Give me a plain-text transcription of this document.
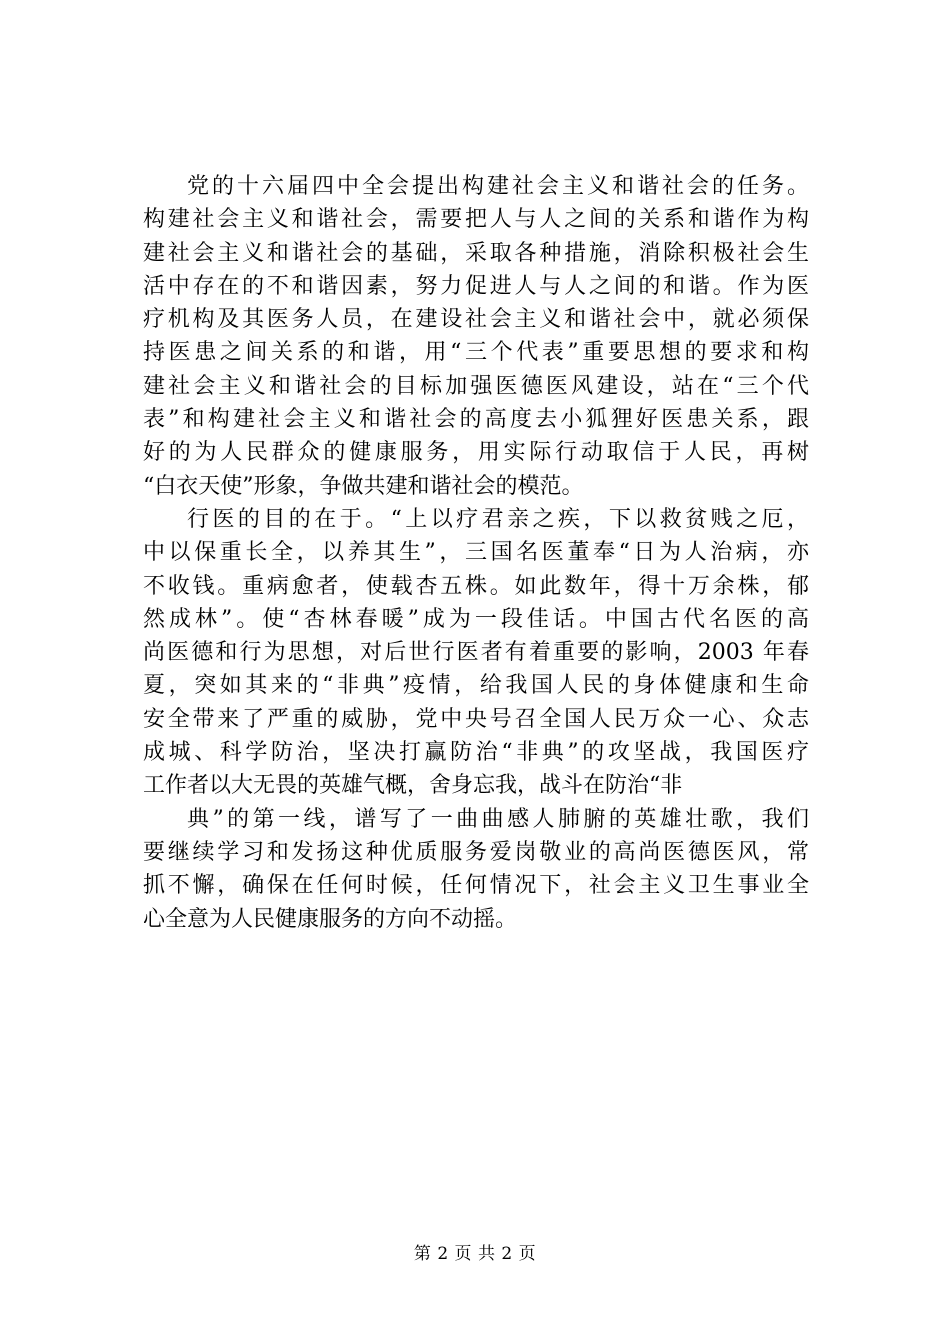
党的十六届四中全会提出构建社会主义和谐社会的任务。
构建社会主义和谐社会，需要把人与人之间的关系和谐作为构
建社会主义和谐社会的基础，采取各种措施，消除积极社会生
活中存在的不和谐因素，努力促进人与人之间的和谐。作为医
疗机构及其医务人员，在建设社会主义和谐社会中，就必须保
持医患之间关系的和谐，用“三个代表”重要思想的要求和构
建社会主义和谐社会的目标加强医德医风建设，站在“三个代
表”和构建社会主义和谐社会的高度去小狐狸好医患关系，跟
好的为人民群众的健康服务，用实际行动取信于人民，再树
“白衣天使”形象，争做共建和谐社会的模范。
行医的目的在于。“上以疗君亲之疾，下以救贫贱之厄，
中以保重长全，以养其生”，三国名医董奉“日为人治病，亦
不收钱。重病愈者，使载杏五株。如此数年，得十万余株，郁
然成林”。使“杏林春暖”成为一段佳话。中国古代名医的高
尚医德和行为思想，对后世行医者有着重要的影响，2003 年春
夏，突如其来的“非典”疫情，给我国人民的身体健康和生命
安全带来了严重的威胁，党中央号召全国人民万众一心、众志
成城、科学防治，坚决打赢防治“非典”的攻坚战，我国医疗
工作者以大无畏的英雄气概，舍身忘我，战斗在防治“非
典”的第一线，谱写了一曲曲感人肺腑的英雄壮歌，我们
要继续学习和发扬这种优质服务爱岗敬业的高尚医德医风，常
抓不懈，确保在任何时候，任何情况下，社会主义卫生事业全
心全意为人民健康服务的方向不动摇。
第 2 页 共 2 页
